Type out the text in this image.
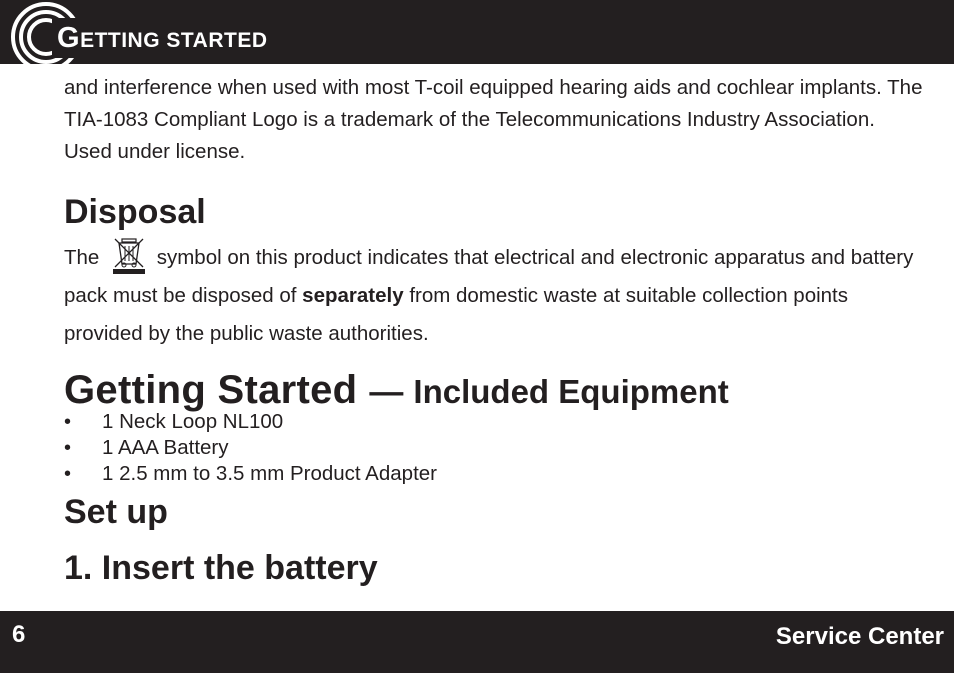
GETTING STARTED

and interference when used with most T-coil equipped hearing aids and cochlear implants. The TIA-1083 Compliant Logo is a trademark of the Telecommunications Industry Association. Used under license.

Disposal

The	symbol on this product indicates that electrical and electronic apparatus and battery pack must be disposed of separately from domestic waste at suitable collection points provided by the public waste authorities.

Getting Started — Included Equipment
• 1 Neck Loop NL100
• 1 AAA Battery
• 1 2.5 mm to 3.5 mm Product Adapter
Set up
1. Insert the battery
6	Service Center
